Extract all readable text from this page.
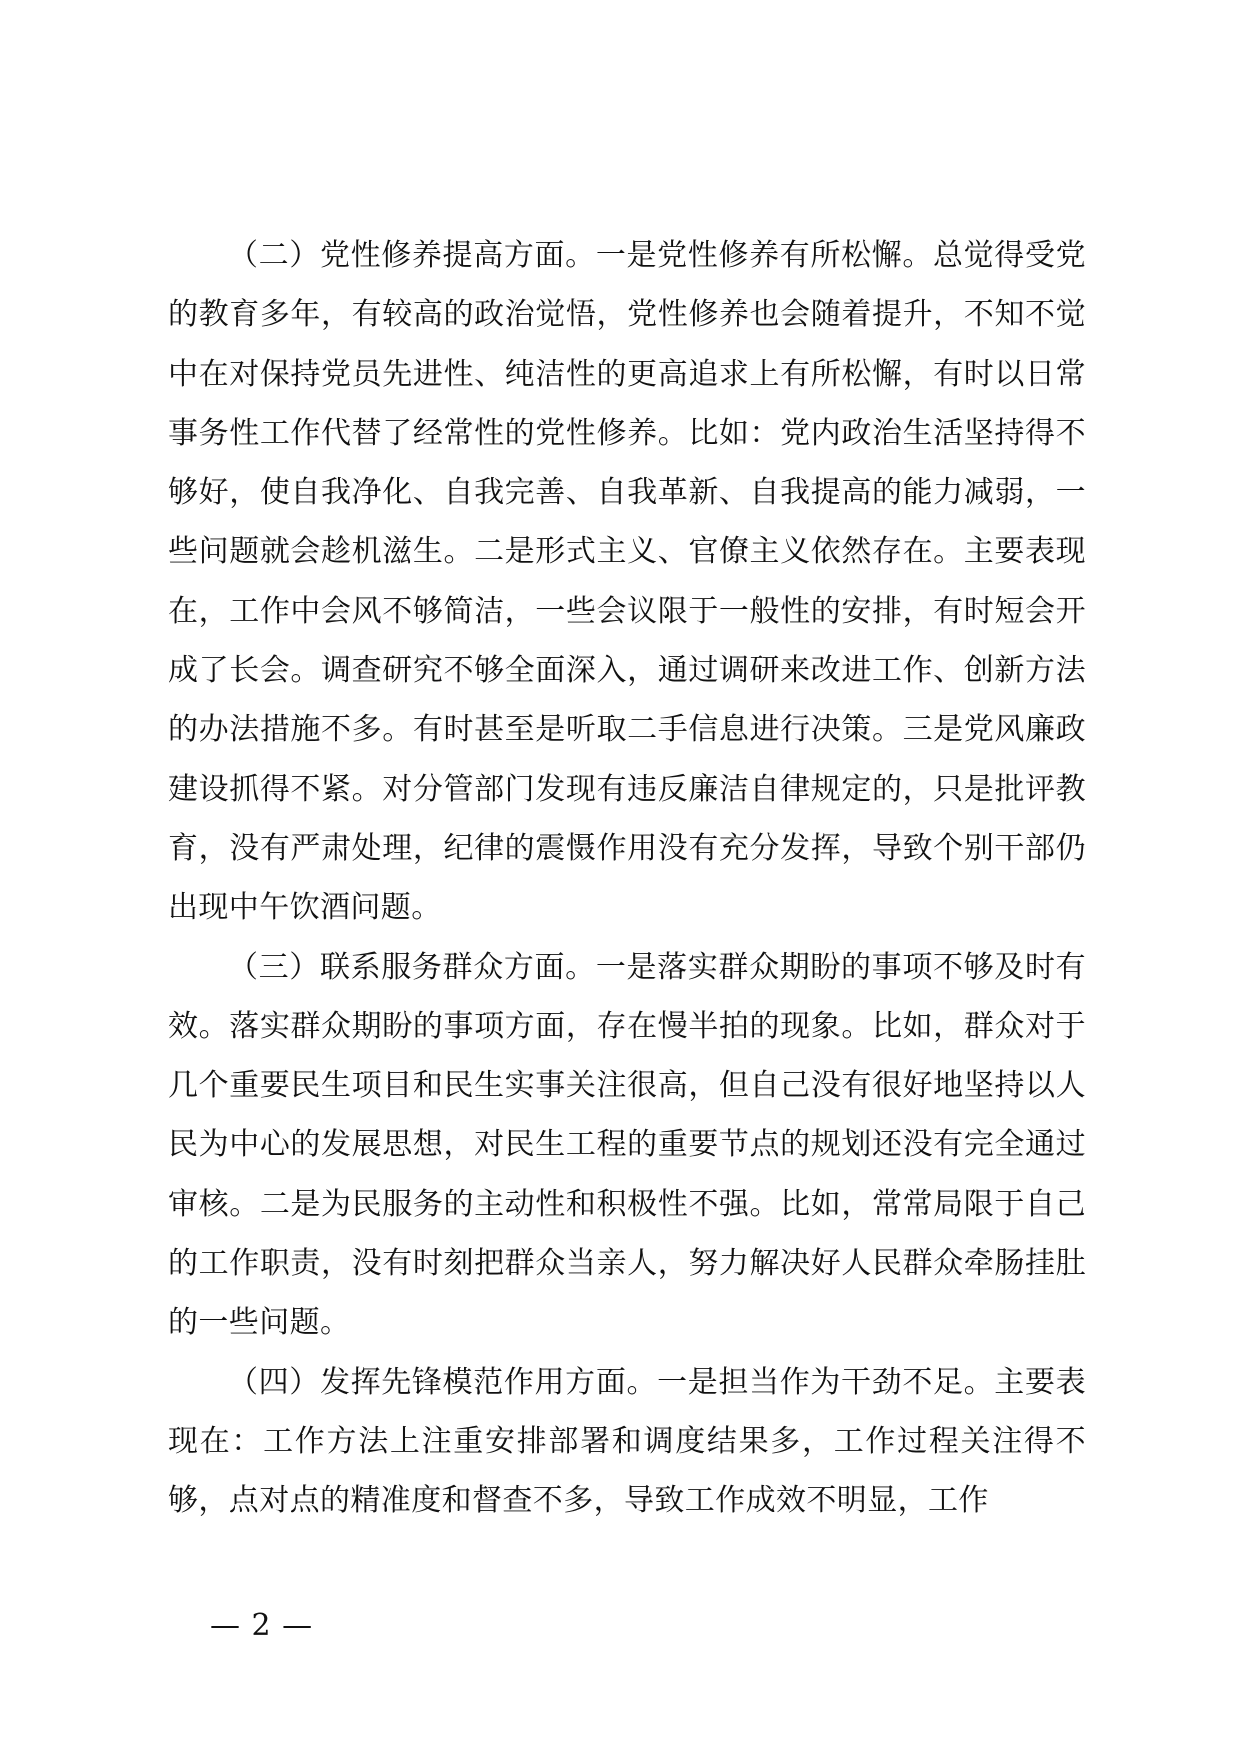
（二）党性修养提高方面。一是党性修养有所松懈。总觉得受党的教育多年，有较高的政治觉悟，党性修养也会随着提升，不知不觉中在对保持党员先进性、纯洁性的更高追求上有所松懈，有时以日常事务性工作代替了经常性的党性修养。比如：党内政治生活坚持得不够好，使自我净化、自我完善、自我革新、自我提高的能力减弱，一些问题就会趁机滋生。二是形式主义、官僚主义依然存在。主要表现在，工作中会风不够简洁，一些会议限于一般性的安排，有时短会开成了长会。调查研究不够全面深入，通过调研来改进工作、创新方法的办法措施不多。有时甚至是听取二手信息进行决策。三是党风廉政建设抓得不紧。对分管部门发现有违反廉洁自律规定的，只是批评教育，没有严肃处理，纪律的震慑作用没有充分发挥，导致个别干部仍出现中午饮酒问题。

（三）联系服务群众方面。一是落实群众期盼的事项不够及时有效。落实群众期盼的事项方面，存在慢半拍的现象。比如，群众对于几个重要民生项目和民生实事关注很高，但自己没有很好地坚持以人民为中心的发展思想，对民生工程的重要节点的规划还没有完全通过审核。二是为民服务的主动性和积极性不强。比如，常常局限于自己的工作职责，没有时刻把群众当亲人，努力解决好人民群众牵肠挂肚的一些问题。

（四）发挥先锋模范作用方面。一是担当作为干劲不足。主要表现在：工作方法上注重安排部署和调度结果多，工作过程关注得不够，点对点的精准度和督查不多，导致工作成效不明显，工作

— 2 —
